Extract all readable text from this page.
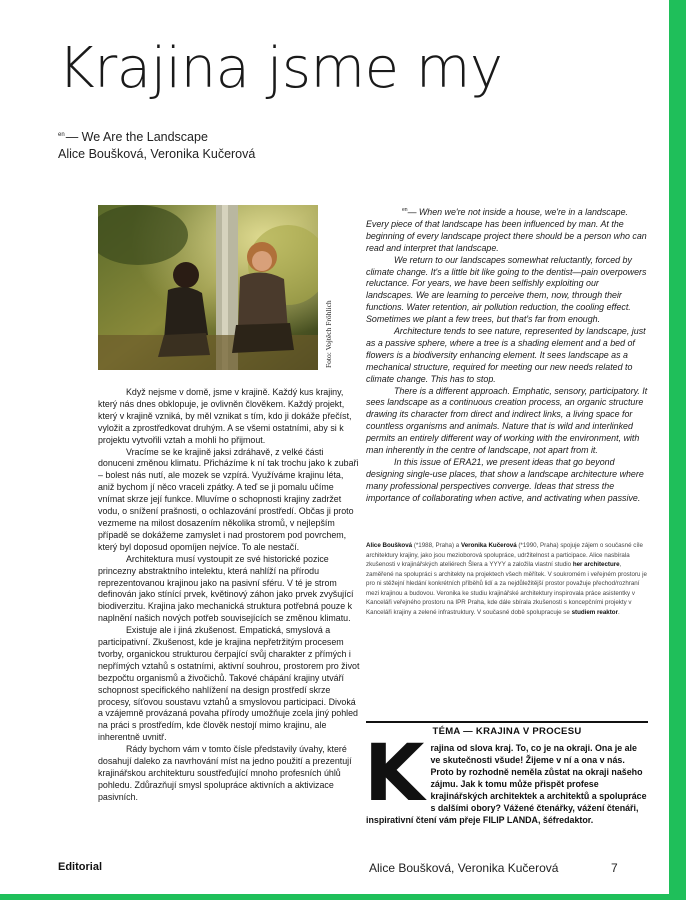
Krajina jsme my
$^{en}$— We Are the Landscape
Alice Boušková, Veronika Kučerová
Foto: Vojtěch Fröhlich

Když nejsme v domě, jsme v krajině. Každý kus krajiny, který nás dnes obklopuje, je ovlivněn člověkem. Každý projekt, který v krajině vzniká, by měl vznikat s tím, kdo ji dokáže přečíst, vyložit a zprostředkovat druhým. A se všemi ostatními, aby si k projektu vytvořili vztah a mohli ho přijmout.

Vracíme se ke krajině jaksi zdráhavě, z velké části donuceni změnou klimatu. Přicházíme k ní tak trochu jako k zubaři – bolest nás nutí, ale mozek se vzpírá. Využíváme krajinu léta, aniž bychom jí něco vraceli zpátky. A teď se ji pomalu učíme vnímat skrze její funkce. Mluvíme o schopnosti krajiny zadržet vodu, o snížení prašnosti, o ochlazování prostředí. Občas ji proto vezmeme na milost dosazením několika stromů, v nejlepším případě se dokážeme zamyslet i nad prostorem pod povrchem, který byl doposud opomíjen nejvíce. To ale nestačí.

Architektura musí vystoupit ze své historické pozice princezny abstraktního intelektu, která nahlíží na přírodu reprezentovanou krajinou jako na pasivní sféru. V té je strom definován jako stínící prvek, květinový záhon jako prvek zvyšující biodiverzitu. Krajina jako mechanická struktura potřebná pouze k naplnění našich nových potřeb souvisejících se změnou klimatu.

Existuje ale i jiná zkušenost. Empatická, smyslová a participativní. Zkušenost, kde je krajina nepřetržitým procesem tvorby, organickou strukturou čerpající svůj charakter z přímých i nepřímých vztahů s ostatními, aktivní souhrou, prostorem pro život bezpočtu organismů a živočichů. Takové chápání krajiny utváří schopnost specifického nahlížení na design prostředí skrze procesy, síťovou soustavu vztahů a smyslovou participaci. Divoká a vzájemně provázaná povaha přírody umožňuje zcela jiný pohled na práci s prostředím, kde člověk nestojí mimo krajinu, ale inherentně uvnitř.

Rády bychom vám v tomto čísle představily úvahy, které dosahují daleko za navrhování míst na jedno použití a prezentují krajinářskou architekturu soustřeďující mnoho profesních úhlů pohledu. Zdůrazňují smysl spolupráce aktivních a aktivizace pasivních.

$^{en}$— When we're not inside a house, we're in a landscape. Every piece of that landscape has been influenced by man. At the beginning of every landscape project there should be a person who can read and interpret that landscape.

We return to our landscapes somewhat reluctantly, forced by climate change. It's a little bit like going to the dentist—pain overpowers reluctance. For years, we have been selfishly exploiting our landscapes. We are learning to perceive them, now, through their functions. Water retention, air pollution reduction, the cooling effect. Sometimes we plant a few trees, but that's far from enough.

Architecture tends to see nature, represented by landscape, just as a passive sphere, where a tree is a shading element and a bed of flowers is a biodiversity enhancing element. It sees landscape as a mechanical structure, required for meeting our new needs related to climate change. This has to stop.

There is a different approach. Emphatic, sensory, participatory. It sees landscape as a continuous creation process, an organic structure drawing its character from direct and indirect links, a living space for countless organisms and animals. Nature that is wild and interlinked permits an entirely different way of working with the environment, with man inherently in the centre of landscape, not apart from it.

In this issue of ERA21, we present ideas that go beyond designing single-use places, that show a landscape architecture where many professional perspectives converge. Ideas that stress the importance of collaborating when active, and activating when passive.

Alice Boušková (*1988, Praha) a Veronika Kučerová (*1990, Praha) spojuje zájem o současné cíle architektury krajiny, jako jsou mezioborová spolupráce, udržitelnost a participace. Alice nasbírala zkušenosti v krajinářských ateliérech Šlera a YYYY a založila vlastní studio her architecture, zaměřené na spolupráci s architekty na projektech všech měřítek. V soukromém i veřejném prostoru je pro ni stěžejní hledání konkrétních příběhů lidí a za nejdůležitější prostor považuje přechod/rozhraní mezi krajinou a budovou. Veronika ke studiu krajinářské architektury inspirovala práce asistentky v Kanceláři veřejného prostoru na IPR Praha, kde dále sbírala zkušenosti s koncepčními projekty v Kanceláři krajiny a zelené infrastruktury. V současné době spolupracuje se studiem reaktor.
TÉMA — KRAJINA V PROCESU
K rajina od slova kraj. To, co je na okraji. Ona je ale ve skutečnosti všude! Žijeme v ní a ona v nás. Proto by rozhodně neměla zůstat na okraji našeho zájmu. Jak k tomu může přispět profese krajinářských architektek a architektů a spolupráce s dalšími obory? Vážené čtenářky, vážení čtenáři, inspirativní čtení vám přeje FILIP LANDA, šéfredaktor.
Editorial	Alice Boušková, Veronika Kučerová	7
